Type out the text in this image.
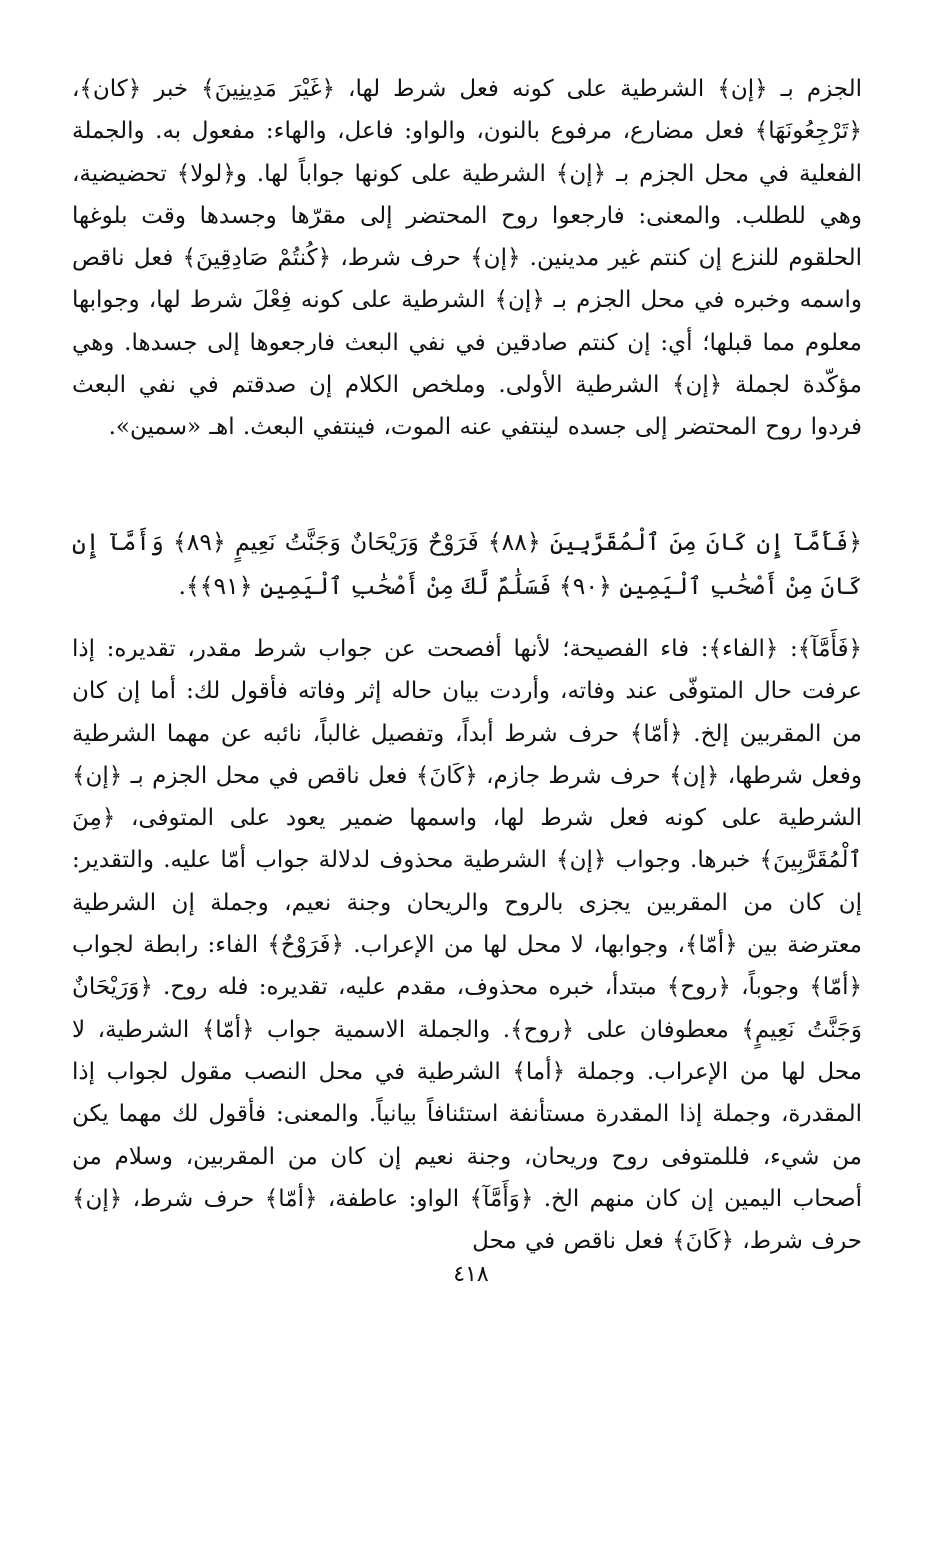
الجزم بـ ﴿إن﴾ الشرطية على كونه فعل شرط لها، ﴿غَيْرَ مَدِينِينَ﴾ خبر ﴿كان﴾، ﴿تَرْجِعُونَهَا﴾ فعل مضارع، مرفوع بالنون، والواو: فاعل، والهاء: مفعول به. والجملة الفعلية في محل الجزم بـ ﴿إن﴾ الشرطية على كونها جواباً لها. و﴿لولا﴾ تحضيضية، وهي للطلب. والمعنى: فارجعوا روح المحتضر إلى مقرّها وجسدها وقت بلوغها الحلقوم للنزع إن كنتم غير مدينين. ﴿إن﴾ حرف شرط، ﴿كُنتُمْ صَادِقِينَ﴾ فعل ناقص واسمه وخبره في محل الجزم بـ ﴿إن﴾ الشرطية على كونه فِعْلَ شرط لها، وجوابها معلوم مما قبلها؛ أي: إن كنتم صادقين في نفي البعث فارجعوها إلى جسدها. وهي مؤكّدة لجملة ﴿إن﴾ الشرطية الأولى. وملخص الكلام إن صدقتم في نفي البعث فردوا روح المحتضر إلى جسده لينتفي عنه الموت، فينتفي البعث. اهـ «سمين».

﴿فَأَمَّآ إِن كَانَ مِنَ ٱلْمُقَرَّبِينَ ﴿٨٨﴾ فَرَوْحٌ وَرَيْحَانٌ وَجَنَّتُ نَعِيمٍ ﴿٨٩﴾ وَأَمَّآ إِن كَانَ مِنْ أَصْحَٰبِ ٱلْيَمِينِ ﴿٩٠﴾ فَسَلَٰمٌ لَّكَ مِنْ أَصْحَٰبِ ٱلْيَمِينِ ﴿٩١﴾﴾.

﴿فَأَمَّآ﴾: ﴿الفاء﴾: فاء الفصيحة؛ لأنها أفصحت عن جواب شرط مقدر، تقديره: إذا عرفت حال المتوفّى عند وفاته، وأردت بيان حاله إثر وفاته فأقول لك: أما إن كان من المقربين إلخ. ﴿أمّا﴾ حرف شرط أبداً، وتفصيل غالباً، نائبه عن مهما الشرطية وفعل شرطها، ﴿إن﴾ حرف شرط جازم، ﴿كَانَ﴾ فعل ناقص في محل الجزم بـ ﴿إن﴾ الشرطية على كونه فعل شرط لها، واسمها ضمير يعود على المتوفى، ﴿مِنَ ٱلْمُقَرَّبِينَ﴾ خبرها. وجواب ﴿إن﴾ الشرطية محذوف لدلالة جواب أمّا عليه. والتقدير: إن كان من المقربين يجزى بالروح والريحان وجنة نعيم، وجملة إن الشرطية معترضة بين ﴿أمّا﴾، وجوابها، لا محل لها من الإعراب. ﴿فَرَوْحٌ﴾ الفاء: رابطة لجواب ﴿أمّا﴾ وجوباً، ﴿روح﴾ مبتدأ، خبره محذوف، مقدم عليه، تقديره: فله روح. ﴿وَرَيْحَانٌ وَجَنَّتُ نَعِيمٍ﴾ معطوفان على ﴿روح﴾. والجملة الاسمية جواب ﴿أمّا﴾ الشرطية، لا محل لها من الإعراب. وجملة ﴿أما﴾ الشرطية في محل النصب مقول لجواب إذا المقدرة، وجملة إذا المقدرة مستأنفة استئنافاً بيانياً. والمعنى: فأقول لك مهما يكن من شيء، فللمتوفى روح وريحان، وجنة نعيم إن كان من المقربين، وسلام من أصحاب اليمين إن كان منهم الخ. ﴿وَأَمَّآ﴾ الواو: عاطفة، ﴿أمّا﴾ حرف شرط، ﴿إن﴾ حرف شرط، ﴿كَانَ﴾ فعل ناقص في محل

٤١٨
